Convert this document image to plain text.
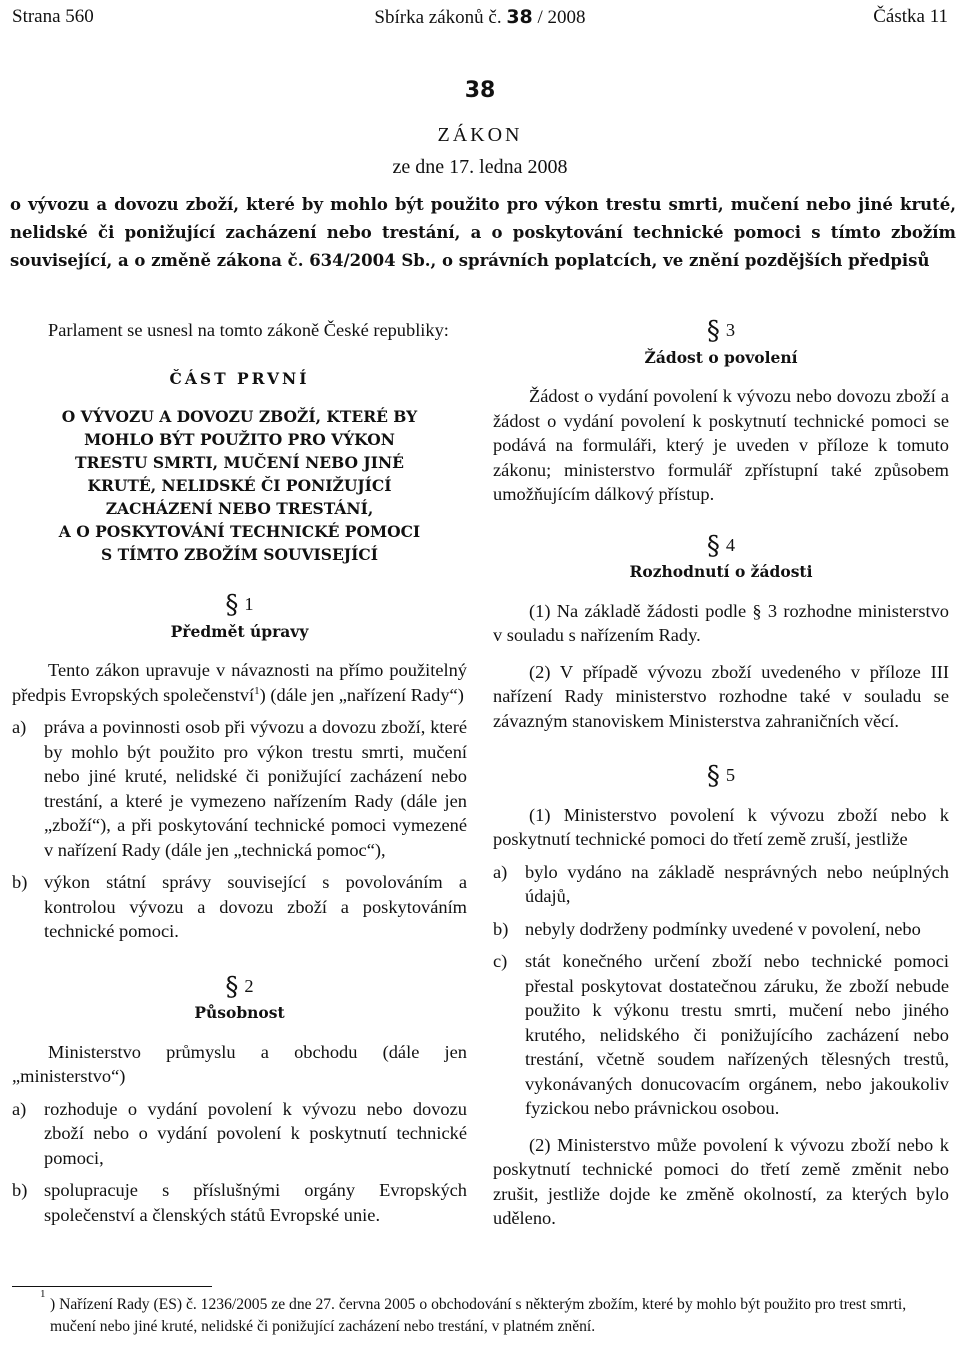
Strana 560	Sbírka zákonů č. 38 / 2008	Částka 11
38
ZÁKON
ze dne 17. ledna 2008
o vývozu a dovozu zboží, které by mohlo být použito pro výkon trestu smrti, mučení nebo jiné kruté, nelidské či ponižující zacházení nebo trestání, a o poskytování technické pomoci s tímto zbožím související, a o změně zákona č. 634/2004 Sb., o správních poplatcích, ve znění pozdějších předpisů

Parlament se usnesl na tomto zákoně České republiky:

ČÁST PRVNÍ
O VÝVOZU A DOVOZU ZBOŽÍ, KTERÉ BY
MOHLO BÝT POUŽITO PRO VÝKON
TRESTU SMRTI, MUČENÍ NEBO JINÉ
KRUTÉ, NELIDSKÉ ČI PONIŽUJÍCÍ
ZACHÁZENÍ NEBO TRESTÁNÍ,
A O POSKYTOVÁNÍ TECHNICKÉ POMOCI
S TÍMTO ZBOŽÍM SOUVISEJÍCÍ
§ 1
Předmět úpravy

Tento zákon upravuje v návaznosti na přímo použitelný předpis Evropských společenství$^1$) (dále jen „nařízení Rady“)

a) práva a povinnosti osob při vývozu a dovozu zboží, které by mohlo být použito pro výkon trestu smrti, mučení nebo jiné kruté, nelidské či ponižující zacházení nebo trestání, a které je vymezeno nařízením Rady (dále jen „zboží“), a při poskytování technické pomoci vymezené v nařízení Rady (dále jen „technická pomoc“),
b) výkon státní správy související s povolováním a kontrolou vývozu a dovozu zboží a poskytováním technické pomoci.
§ 2
Působnost

Ministerstvo průmyslu a obchodu (dále jen „ministerstvo“)

a) rozhoduje o vydání povolení k vývozu nebo dovozu zboží nebo o vydání povolení k poskytnutí technické pomoci,
b) spolupracuje s příslušnými orgány Evropských společenství a členských států Evropské unie.
§ 3
Žádost o povolení

Žádost o vydání povolení k vývozu nebo dovozu zboží a žádost o vydání povolení k poskytnutí technické pomoci se podává na formuláři, který je uveden v příloze k tomuto zákonu; ministerstvo formulář zpřístupní také způsobem umožňujícím dálkový přístup.

§ 4
Rozhodnutí o žádosti

(1) Na základě žádosti podle § 3 rozhodne ministerstvo v souladu s nařízením Rady.

(2) V případě vývozu zboží uvedeného v příloze III nařízení Rady ministerstvo rozhodne také v souladu se závazným stanoviskem Ministerstva zahraničních věcí.

§ 5

(1) Ministerstvo povolení k vývozu zboží nebo k poskytnutí technické pomoci do třetí země zruší, jestliže

a) bylo vydáno na základě nesprávných nebo neúplných údajů,
b) nebyly dodrženy podmínky uvedené v povolení, nebo
c) stát konečného určení zboží nebo technické pomoci přestal poskytovat dostatečnou záruku, že zboží nebude použito k výkonu trestu smrti, mučení nebo jiného krutého, nelidského či ponižujícího zacházení nebo trestání, včetně soudem nařízených tělesných trestů, vykonávaných donucovacím orgánem, nebo jakoukoliv fyzickou nebo právnickou osobou.

(2) Ministerstvo může povolení k vývozu zboží nebo k poskytnutí technické pomoci do třetí země změnit nebo zrušit, jestliže dojde ke změně okolností, za kterých bylo uděleno.

1
) Nařízení Rady (ES) č. 1236/2005 ze dne 27. června 2005 o obchodování s některým zbožím, které by mohlo být použito pro trest smrti, mučení nebo jiné kruté, nelidské či ponižující zacházení nebo trestání, v platném znění.
